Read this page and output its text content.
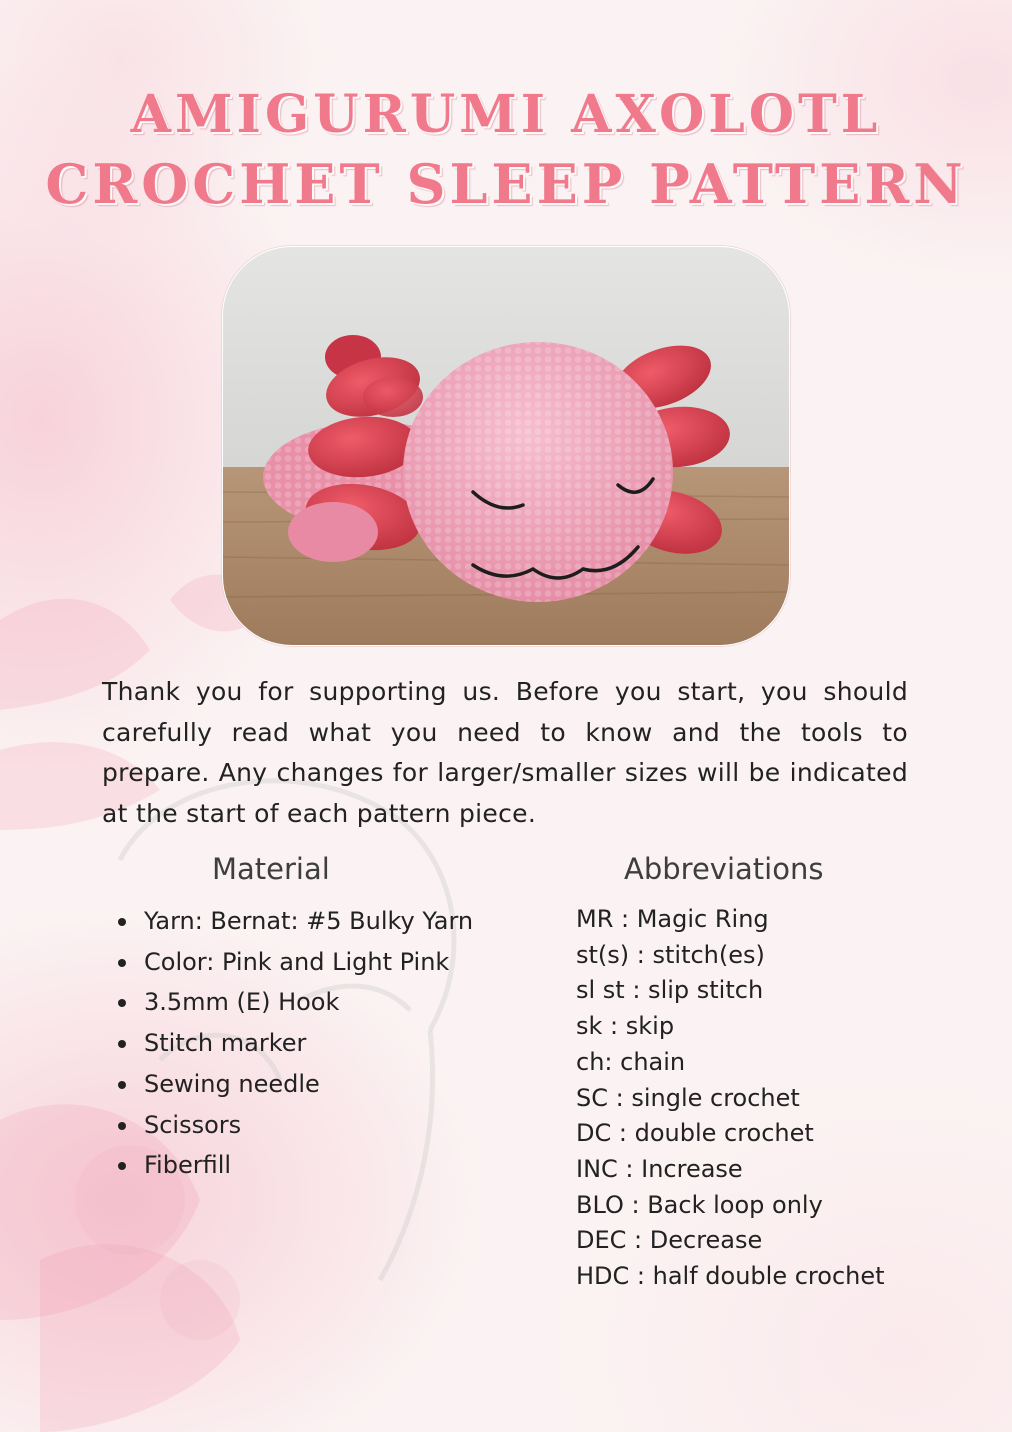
AMIGURUMI AXOLOTL
CROCHET SLEEP PATTERN

Thank you for supporting us. Before you start, you should carefully read what you need to know and the tools to prepare. Any changes for larger/smaller sizes will be indicated at the start of each pattern piece.

Material	Abbreviations
Yarn: Bernat: #5 Bulky Yarn
Color: Pink and Light Pink
3.5mm (E) Hook
Stitch marker
Sewing needle
Scissors
Fiberfill
MR : Magic Ring
st(s) : stitch(es)
sl st : slip stitch
sk : skip
ch: chain
SC : single crochet
DC : double crochet
INC : Increase
BLO : Back loop only
DEC : Decrease
HDC : half double crochet
